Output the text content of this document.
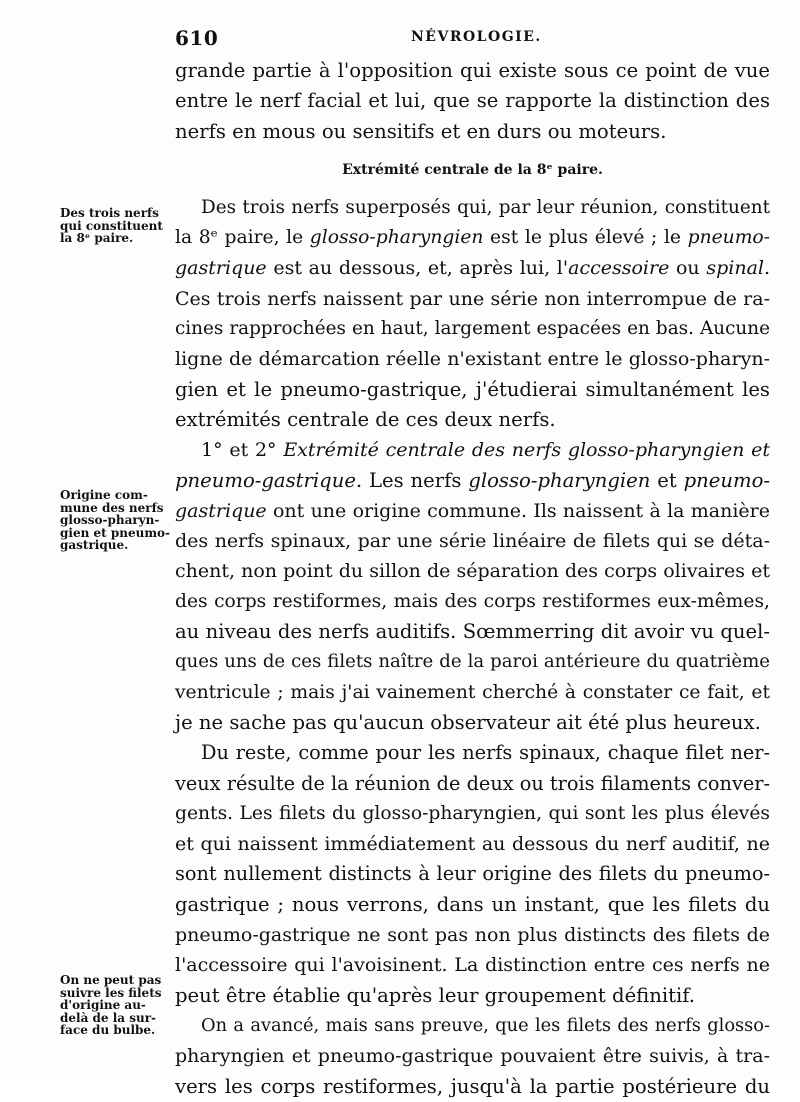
610	NÉVROLOGIE.
Des trois nerfs
qui constituent
la 8ᵉ paire.
Origine com-
mune des nerfs
glosso-pharyn-
gien et pneumo-
gastrique.
On ne peut pas
suivre les filets
d'origine au-
delà de la sur-
face du bulbe.
grande partie à l'opposition qui existe sous ce point de vue
entre le nerf facial et lui, que se rapporte la distinction des
nerfs en mous ou sensitifs et en durs ou moteurs.
Extrémité centrale de la 8ᵉ paire.
Des trois nerfs superposés qui, par leur réunion, constituent
la 8ᵉ paire, le glosso-pharyngien est le plus élevé ; le pneumo-
gastrique est au dessous, et, après lui, l'accessoire ou spinal.
Ces trois nerfs naissent par une série non interrompue de ra-
cines rapprochées en haut, largement espacées en bas. Aucune
ligne de démarcation réelle n'existant entre le glosso-pharyn-
gien et le pneumo-gastrique, j'étudierai simultanément les
extrémités centrale de ces deux nerfs.
1° et 2° Extrémité centrale des nerfs glosso-pharyngien et
pneumo-gastrique. Les nerfs glosso-pharyngien et pneumo-
gastrique ont une origine commune. Ils naissent à la manière
des nerfs spinaux, par une série linéaire de filets qui se déta-
chent, non point du sillon de séparation des corps olivaires et
des corps restiformes, mais des corps restiformes eux-mêmes,
au niveau des nerfs auditifs. Sœmmerring dit avoir vu quel-
ques uns de ces filets naître de la paroi antérieure du quatrième
ventricule ; mais j'ai vainement cherché à constater ce fait, et
je ne sache pas qu'aucun observateur ait été plus heureux.
Du reste, comme pour les nerfs spinaux, chaque filet ner-
veux résulte de la réunion de deux ou trois filaments conver-
gents. Les filets du glosso-pharyngien, qui sont les plus élevés
et qui naissent immédiatement au dessous du nerf auditif, ne
sont nullement distincts à leur origine des filets du pneumo-
gastrique ; nous verrons, dans un instant, que les filets du
pneumo-gastrique ne sont pas non plus distincts des filets de
l'accessoire qui l'avoisinent. La distinction entre ces nerfs ne
peut être établie qu'après leur groupement définitif.
On a avancé, mais sans preuve, que les filets des nerfs glosso-
pharyngien et pneumo-gastrique pouvaient être suivis, à tra-
vers les corps restiformes, jusqu'à la partie postérieure du
